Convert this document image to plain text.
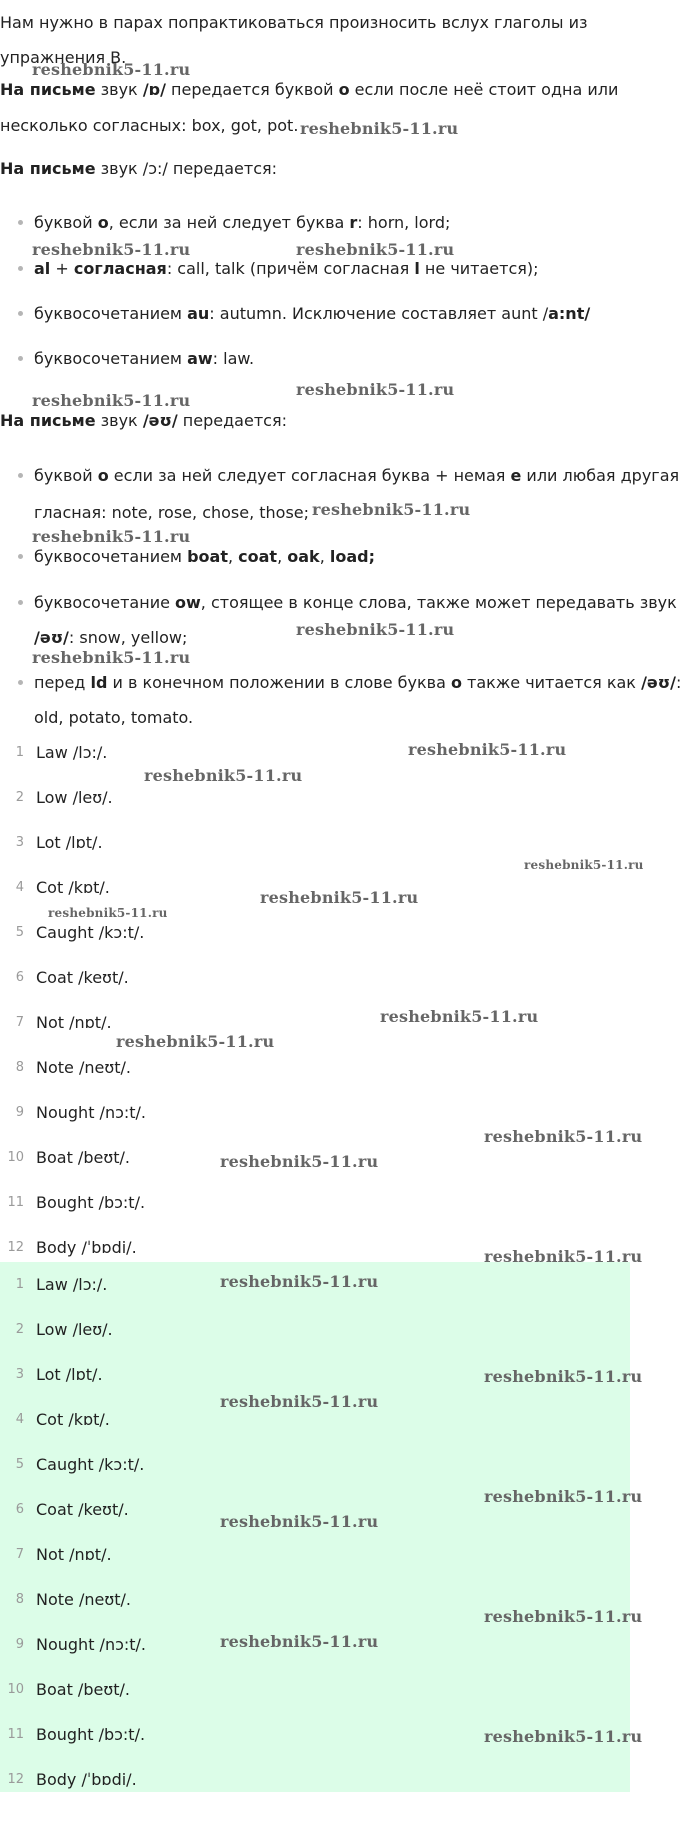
Нам нужно в парах попрактиковаться произносить вслух глаголы из

упражнения B.

На письме звук /ɒ/ передается буквой o если после неё стоит одна или

несколько согласных: box, got, pot.

На письме звук /ɔ:/ передается:

буквой o, если за ней следует буква r: horn, lord;

al + согласная: call, talk (причём согласная l не читается);

буквосочетанием au: autumn. Исключение составляет aunt /a:nt/

буквосочетанием aw: law.

На письме звук /əʊ/ передается:

буквой o если за ней следует согласная буква + немая e или любая другая

гласная: note, rose, chose, those;

буквосочетанием boat, coat, oak, load;

буквосочетание ow, стоящее в конце слова, также может передавать звук

/əʊ/: snow, yellow;

перед ld и в конечном положении в слове буква o также читается как /əʊ/:

old, potato, tomato.

1 Law /lɔ:/.
2 Low /leʊ/.
3 Lot /lɒt/.
4 Cot /kɒt/.
5 Caught /kɔ:t/.
6 Coat /keʊt/.
7 Not /nɒt/.
8 Note /neʊt/.
9 Nought /nɔ:t/.
10 Boat /beʊt/.
11 Bought /bɔ:t/.
12 Body /ˈbɒdi/.
1 Law /lɔ:/.
2 Low /leʊ/.
3 Lot /lɒt/.
4 Cot /kɒt/.
5 Caught /kɔ:t/.
6 Coat /keʊt/.
7 Not /nɒt/.
8 Note /neʊt/.
9 Nought /nɔ:t/.
10 Boat /beʊt/.
11 Bought /bɔ:t/.
12 Body /ˈbɒdi/.
reshebnik5-11.ru
reshebnik5-11.ru
reshebnik5-11.ru	reshebnik5-11.ru
reshebnik5-11.ru
reshebnik5-11.ru
reshebnik5-11.ru
reshebnik5-11.ru
reshebnik5-11.ru
reshebnik5-11.ru
reshebnik5-11.ru
reshebnik5-11.ru
reshebnik5-11.ru
reshebnik5-11.ru
reshebnik5-11.ru
reshebnik5-11.ru
reshebnik5-11.ru
reshebnik5-11.ru
reshebnik5-11.ru
reshebnik5-11.ru
reshebnik5-11.ru
reshebnik5-11.ru
reshebnik5-11.ru
reshebnik5-11.ru
reshebnik5-11.ru
reshebnik5-11.ru
reshebnik5-11.ru
reshebnik5-11.ru
